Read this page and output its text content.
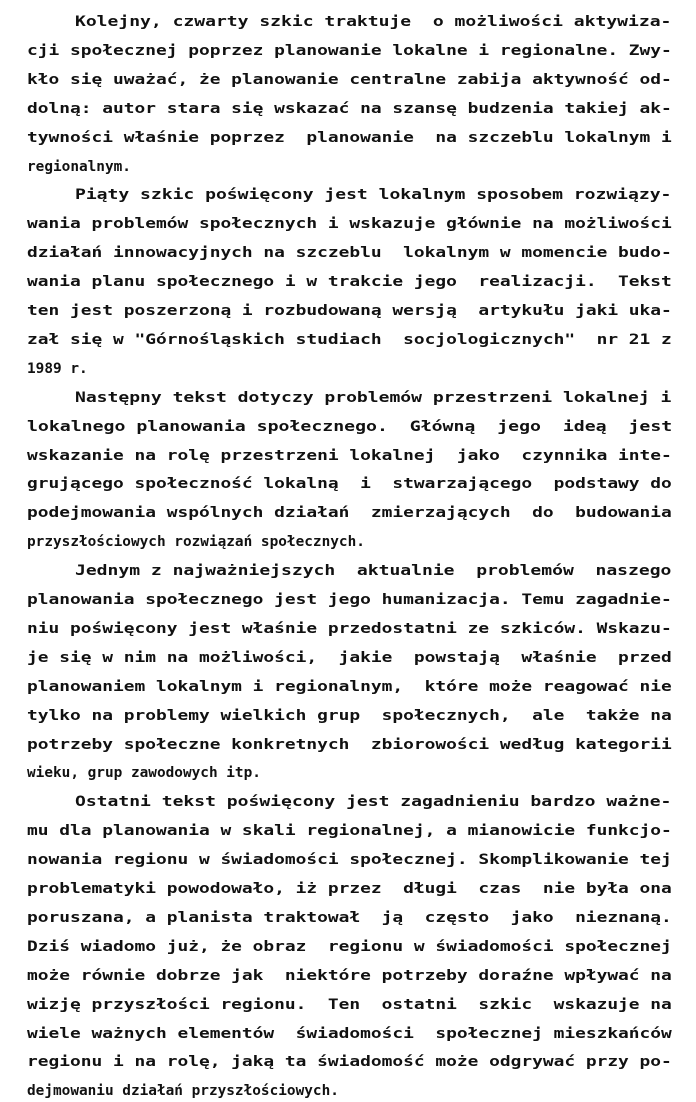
Kolejny, czwarty szkic traktuje  o możliwości aktywiza-
cji społecznej poprzez planowanie lokalne i regionalne. Zwy-
kło się uważać, że planowanie centralne zabija aktywność od-
dolną: autor stara się wskazać na szansę budzenia takiej ak-
tywności właśnie poprzez  planowanie  na szczeblu lokalnym i
regionalnym.
Piąty szkic poświęcony jest lokalnym sposobem rozwiązy-
wania problemów społecznych i wskazuje głównie na możliwości
działań innowacyjnych na szczeblu  lokalnym w momencie budo-
wania planu społecznego i w trakcie jego  realizacji.  Tekst
ten jest poszerzoną i rozbudowaną wersją  artykułu jaki uka-
zał się w "Górnośląskich studiach  socjologicznych"  nr 21 z
1989 r.
Następny tekst dotyczy problemów przestrzeni lokalnej i
lokalnego planowania społecznego.  Główną  jego  ideą  jest
wskazanie na rolę przestrzeni lokalnej  jako  czynnika inte-
grującego społeczność lokalną  i  stwarzającego  podstawy do
podejmowania wspólnych działań  zmierzających  do  budowania
przyszłościowych rozwiązań społecznych.
Jednym z najważniejszych  aktualnie  problemów  naszego
planowania społecznego jest jego humanizacja. Temu zagadnie-
niu poświęcony jest właśnie przedostatni ze szkiców. Wskazu-
je się w nim na możliwości,  jakie  powstają  właśnie  przed
planowaniem lokalnym i regionalnym,  które może reagować nie
tylko na problemy wielkich grup  społecznych,  ale  także na
potrzeby społeczne konkretnych  zbiorowości według kategorii
wieku, grup zawodowych itp.
Ostatni tekst poświęcony jest zagadnieniu bardzo ważne-
mu dla planowania w skali regionalnej, a mianowicie funkcjo-
nowania regionu w świadomości społecznej. Skomplikowanie tej
problematyki powodowało, iż przez  długi  czas  nie była ona
poruszana, a planista traktował  ją  często  jako  nieznaną.
Dziś wiadomo już, że obraz  regionu w świadomości społecznej
może równie dobrze jak  niektóre potrzeby doraźne wpływać na
wizję przyszłości regionu.  Ten  ostatni  szkic  wskazuje na
wiele ważnych elementów  świadomości  społecznej mieszkańców
regionu i na rolę, jaką ta świadomość może odgrywać przy po-
dejmowaniu działań przyszłościowych.
